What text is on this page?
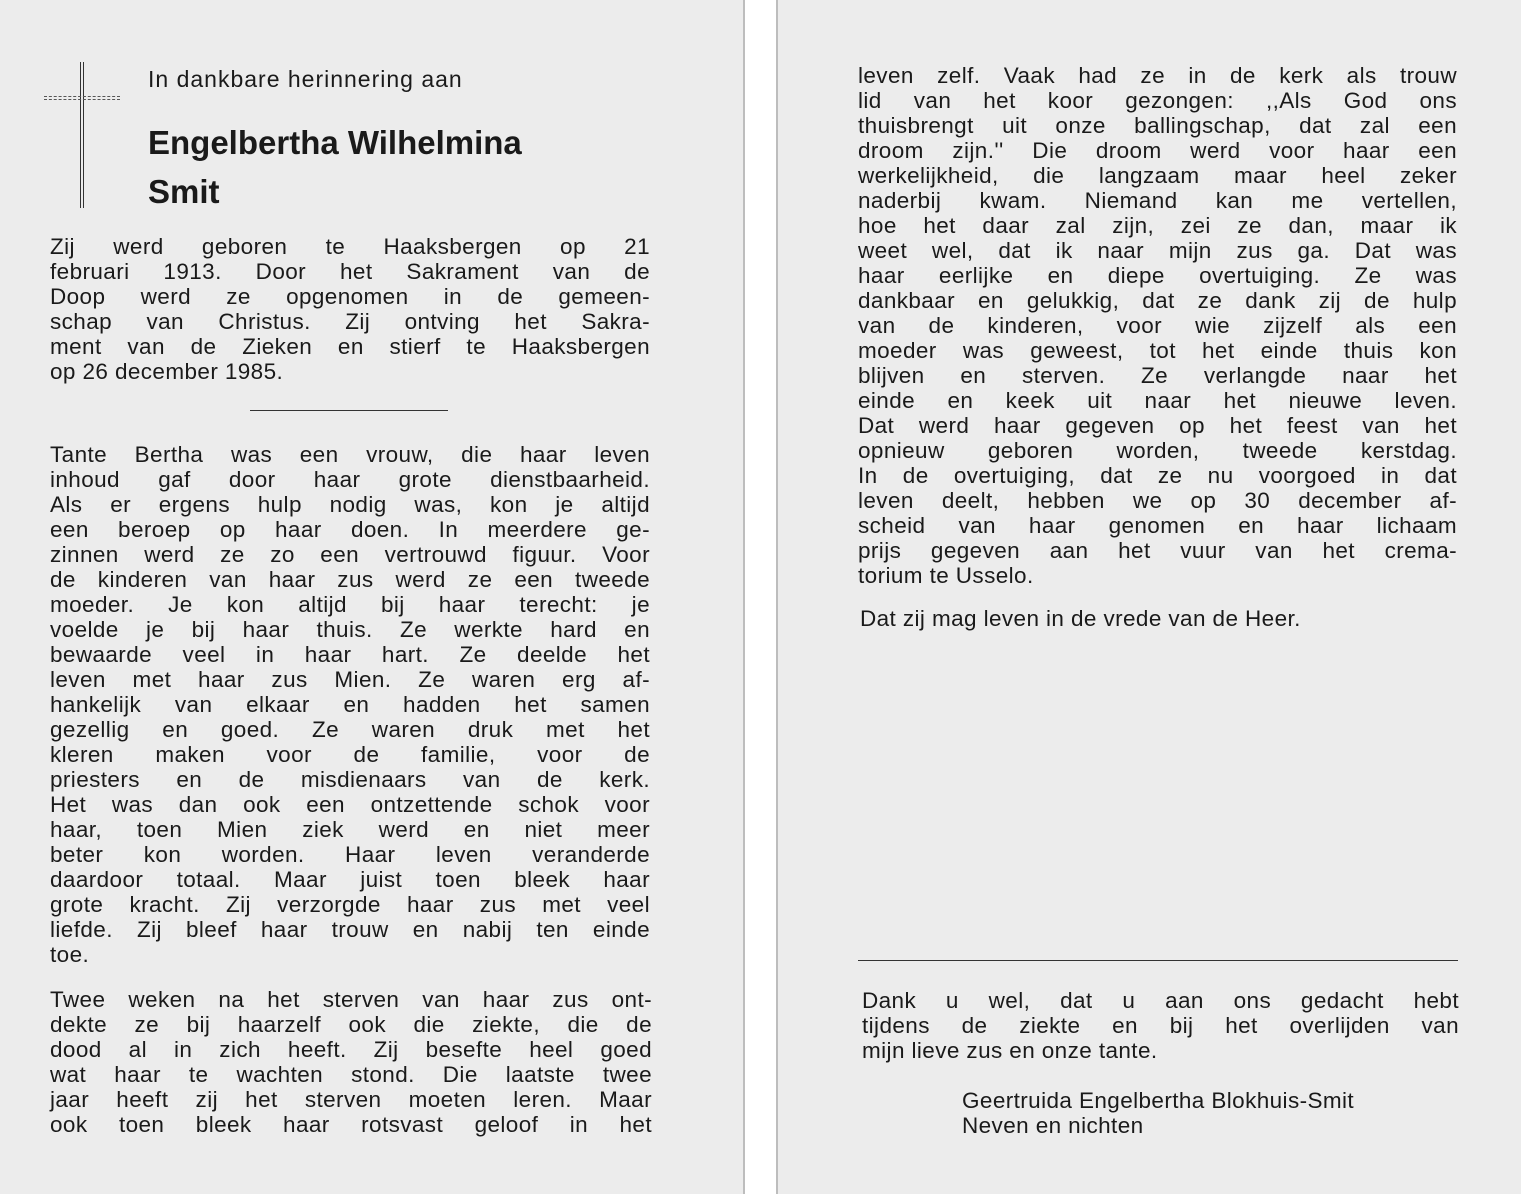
In dankbare herinnering aan

Engelbertha Wilhelmina
Smit

Zij werd geboren te Haaksbergen op 21
februari 1913. Door het Sakrament van de
Doop werd ze opgenomen in de gemeen-
schap van Christus. Zij ontving het Sakra-
ment van de Zieken en stierf te Haaksbergen
op 26 december 1985.

Tante Bertha was een vrouw, die haar leven
inhoud gaf door haar grote dienstbaarheid.
Als er ergens hulp nodig was, kon je altijd
een beroep op haar doen. In meerdere ge-
zinnen werd ze zo een vertrouwd figuur. Voor
de kinderen van haar zus werd ze een tweede
moeder. Je kon altijd bij haar terecht: je
voelde je bij haar thuis. Ze werkte hard en
bewaarde veel in haar hart. Ze deelde het
leven met haar zus Mien. Ze waren erg af-
hankelijk van elkaar en hadden het samen
gezellig en goed. Ze waren druk met het
kleren maken voor de familie, voor de
priesters en de misdienaars van de kerk.
Het was dan ook een ontzettende schok voor
haar, toen Mien ziek werd en niet meer
beter kon worden. Haar leven veranderde
daardoor totaal. Maar juist toen bleek haar
grote kracht. Zij verzorgde haar zus met veel
liefde. Zij bleef haar trouw en nabij ten einde
toe.

Twee weken na het sterven van haar zus ont-
dekte ze bij haarzelf ook die ziekte, die de
dood al in zich heeft. Zij besefte heel goed
wat haar te wachten stond. Die laatste twee
jaar heeft zij het sterven moeten leren. Maar
ook toen bleek haar rotsvast geloof in het

leven zelf. Vaak had ze in de kerk als trouw
lid van het koor gezongen: ,,Als God ons
thuisbrengt uit onze ballingschap, dat zal een
droom zijn.'' Die droom werd voor haar een
werkelijkheid, die langzaam maar heel zeker
naderbij kwam. Niemand kan me vertellen,
hoe het daar zal zijn, zei ze dan, maar ik
weet wel, dat ik naar mijn zus ga. Dat was
haar eerlijke en diepe overtuiging. Ze was
dankbaar en gelukkig, dat ze dank zij de hulp
van de kinderen, voor wie zijzelf als een
moeder was geweest, tot het einde thuis kon
blijven en sterven. Ze verlangde naar het
einde en keek uit naar het nieuwe leven.
Dat werd haar gegeven op het feest van het
opnieuw geboren worden, tweede kerstdag.
In de overtuiging, dat ze nu voorgoed in dat
leven deelt, hebben we op 30 december af-
scheid van haar genomen en haar lichaam
prijs gegeven aan het vuur van het crema-
torium te Usselo.

Dat zij mag leven in de vrede van de Heer.

Dank u wel, dat u aan ons gedacht hebt
tijdens de ziekte en bij het overlijden van
mijn lieve zus en onze tante.

Geertruida Engelbertha Blokhuis-Smit
Neven en nichten
